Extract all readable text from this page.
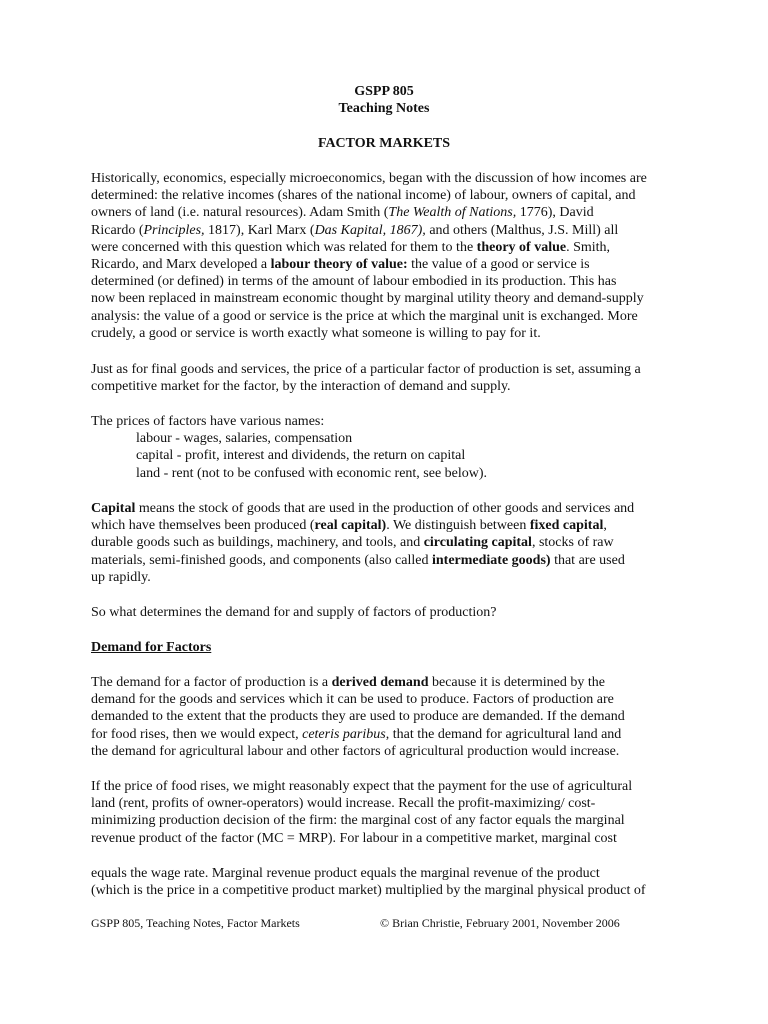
GSPP 805
Teaching Notes
FACTOR MARKETS
Historically, economics, especially microeconomics, began with the discussion of how incomes are
determined: the relative incomes (shares of the national income) of labour, owners of capital, and
owners of land (i.e. natural resources). Adam Smith (The Wealth of Nations, 1776), David
Ricardo (Principles, 1817), Karl Marx (Das Kapital, 1867), and others (Malthus, J.S. Mill) all
were concerned with this question which was related for them to the theory of value. Smith,
Ricardo, and Marx developed a labour theory of value: the value of a good or service is
determined (or defined) in terms of the amount of labour embodied in its production. This has
now been replaced in mainstream economic thought by marginal utility theory and demand-supply
analysis: the value of a good or service is the price at which the marginal unit is exchanged. More
crudely, a good or service is worth exactly what someone is willing to pay for it.
Just as for final goods and services, the price of a particular factor of production is set, assuming a
competitive market for the factor, by the interaction of demand and supply.
The prices of factors have various names:
labour - wages, salaries, compensation
capital - profit, interest and dividends, the return on capital
land - rent (not to be confused with economic rent, see below).
Capital means the stock of goods that are used in the production of other goods and services and
which have themselves been produced (real capital). We distinguish between fixed capital,
durable goods such as buildings, machinery, and tools, and circulating capital, stocks of raw
materials, semi-finished goods, and components (also called intermediate goods) that are used
up rapidly.
So what determines the demand for and supply of factors of production?
Demand for Factors
The demand for a factor of production is a derived demand because it is determined by the
demand for the goods and services which it can be used to produce. Factors of production are
demanded to the extent that the products they are used to produce are demanded. If the demand
for food rises, then we would expect, ceteris paribus, that the demand for agricultural land and
the demand for agricultural labour and other factors of agricultural production would increase.
If the price of food rises, we might reasonably expect that the payment for the use of agricultural
land (rent, profits of owner-operators) would increase. Recall the profit-maximizing/ cost-
minimizing production decision of the firm: the marginal cost of any factor equals the marginal
revenue product of the factor (MC = MRP). For labour in a competitive market, marginal cost
equals the wage rate. Marginal revenue product equals the marginal revenue of the product
(which is the price in a competitive product market) multiplied by the marginal physical product of
GSPP 805, Teaching Notes, Factor Markets	© Brian Christie, February 2001, November 2006
